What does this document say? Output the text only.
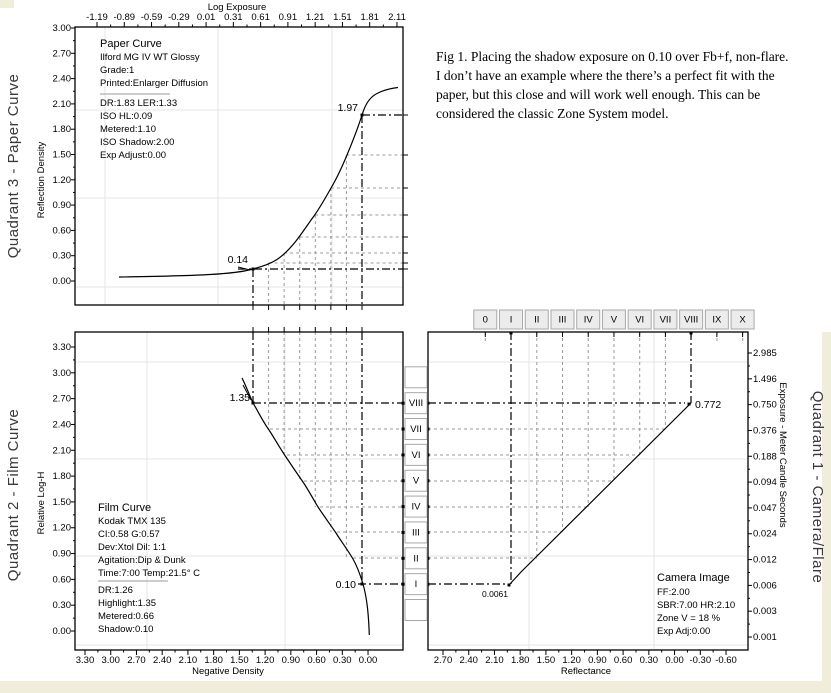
-1.19 -0.89 -0.59 -0.29 0.01 0.31 0.61 0.91 1.21 1.51 1.81 2.11
3.00
2.70
2.40
2.10
1.80
1.50
1.20
0.90
0.60
0.30
0.00
3.30
3.00
2.70
2.40
2.10
1.80
1.50
1.20
0.90
0.60
0.30
0.00
3.30 3.00 2.70 2.40 2.10 1.80 1.50 1.20 0.90 0.60 0.30 0.00	2.70 2.40 2.10 1.80 1.50 1.20 0.90 0.60 0.30 0.00 -0.30 -0.60
2.985
1.496
0.750
0.376
0.188
0.094
0.047
0.024
0.012
0.006
0.003
0.001
VIII
VII
VI
V
IV
III
II
I
0 I II III IV V VI VII VIII IX X
Log Exposure
Negative Density	Reflectance
Reflection Density
Relative Log-H	Exposure - Meter Candle Seconds
Quadrant 3 - Paper Curve
Quadrant 2 - Film Curve	Quadrant 1 - Camera/Flare
Paper Curve
Ilford MG IV WT Glossy
Grade:1
Printed:Enlarger Diffusion
DR:1.83 LER:1.33
ISO HL:0.09
Metered:1.10
ISO Shadow:2.00
Exp Adjust:0.00
Film Curve
Kodak TMX 135
CI:0.58 G:0.57
Dev:Xtol Dil: 1:1
Agitation:Dip & Dunk
Time:7:00 Temp:21.5° C
DR:1.26
Highlight:1.35
Metered:0.66
Shadow:0.10
Camera Image
FF:2.00
SBR:7.00 HR:2.10
Zone V = 18 %
Exp Adj:0.00
1.97
0.14
1.35
0.10
0.0061
0.772
Fig 1. Placing the shadow exposure on 0.10 over Fb+f, non-flare.
I don’t have an example where the there’s a perfect fit with the
paper, but this close and will work well enough. This can be
considered the classic Zone System model.
